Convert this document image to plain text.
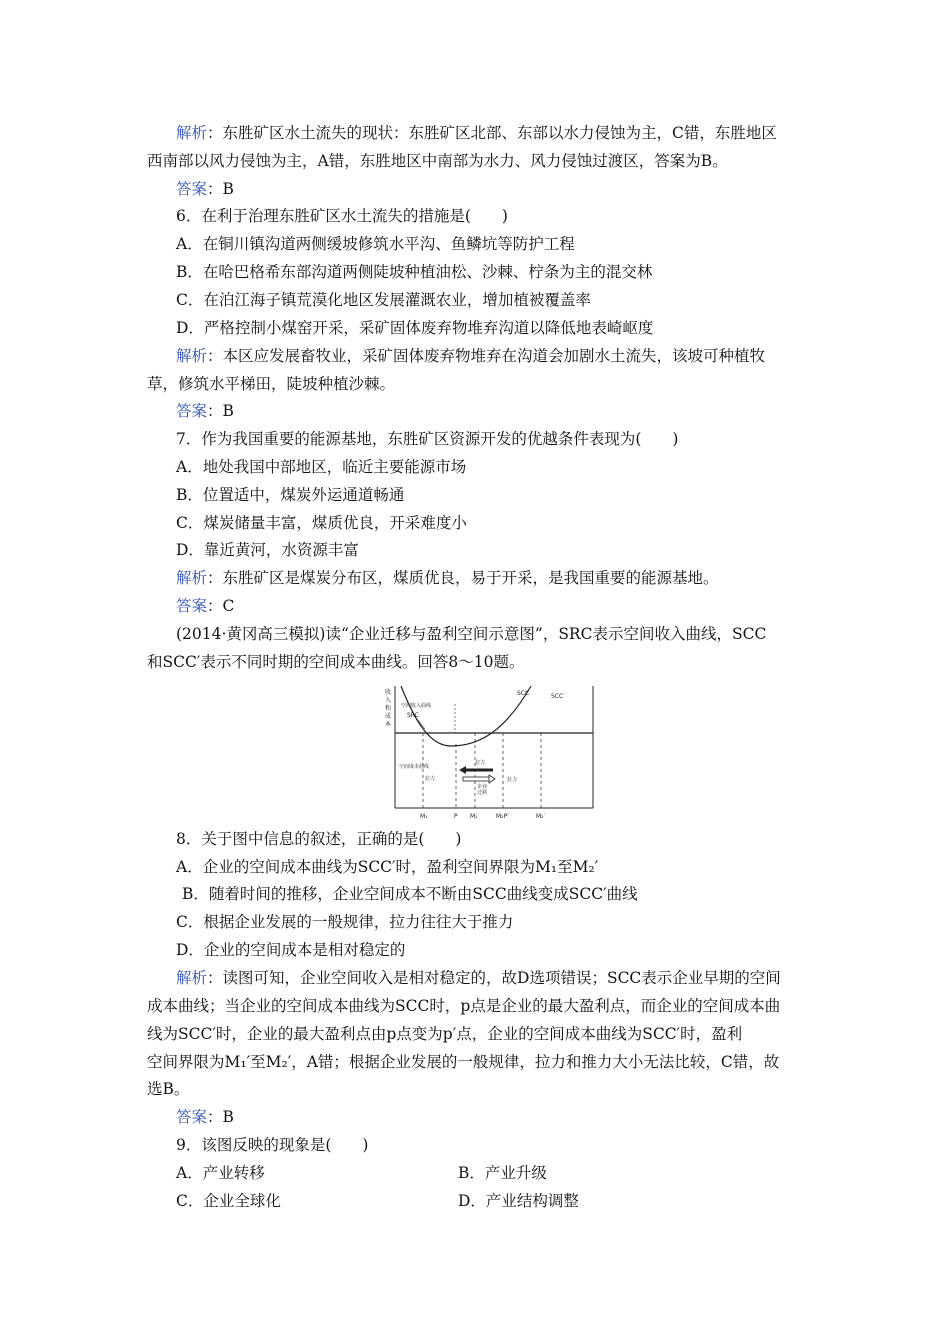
解析：东胜矿区水土流失的现状：东胜矿区北部、东部以水力侵蚀为主，C错，东胜地区
西南部以风力侵蚀为主，A错，东胜地区中南部为水力、风力侵蚀过渡区，答案为B。
答案：B
6．在利于治理东胜矿区水土流失的措施是(　　)
A．在铜川镇沟道两侧缓坡修筑水平沟、鱼鳞坑等防护工程
B．在哈巴格希东部沟道两侧陡坡种植油松、沙棘、柠条为主的混交林
C．在泊江海子镇荒漠化地区发展灌溉农业，增加植被覆盖率
D．严格控制小煤窑开采，采矿固体废弃物堆弃沟道以降低地表崎岖度
解析：本区应发展畜牧业，采矿固体废弃物堆弃在沟道会加剧水土流失，该坡可种植牧
草，修筑水平梯田，陡坡种植沙棘。
答案：B
7．作为我国重要的能源基地，东胜矿区资源开发的优越条件表现为(　　)
A．地处我国中部地区，临近主要能源市场
B．位置适中，煤炭外运通道畅通
C．煤炭储量丰富，煤质优良，开采难度小
D．靠近黄河，水资源丰富
解析：东胜矿区是煤炭分布区，煤质优良，易于开采，是我国重要的能源基地。
答案：C
(2014·黄冈高三模拟)读“企业迁移与盈利空间示意图”，SRC表示空间收入曲线，SCC
和SCC′表示不同时期的空间成本曲线。回答8～10题。
收
入
和
成
本
SCC	SCC′
空间收入曲线
SRC
空间成本曲线
拉力
拉力
企业
迁移
拉力
M₁	P M₁′	M₂P′	M₂′
8．关于图中信息的叙述，正确的是(　　)
A．企业的空间成本曲线为SCC′时，盈利空间界限为M₁至M₂′
B．随着时间的推移，企业空间成本不断由SCC曲线变成SCC′曲线
C．根据企业发展的一般规律，拉力往往大于推力
D．企业的空间成本是相对稳定的
解析：读图可知，企业空间收入是相对稳定的，故D选项错误；SCC表示企业早期的空间
成本曲线；当企业的空间成本曲线为SCC时，p点是企业的最大盈利点，而企业的空间成本曲
线为SCC′时，企业的最大盈利点由p点变为p′点，企业的空间成本曲线为SCC′时，盈利
空间界限为M₁′至M₂′，A错；根据企业发展的一般规律，拉力和推力大小无法比较，C错，故
选B。
答案：B
9．该图反映的现象是(　　)
A．产业转移	B．产业升级
C．企业全球化	D．产业结构调整
